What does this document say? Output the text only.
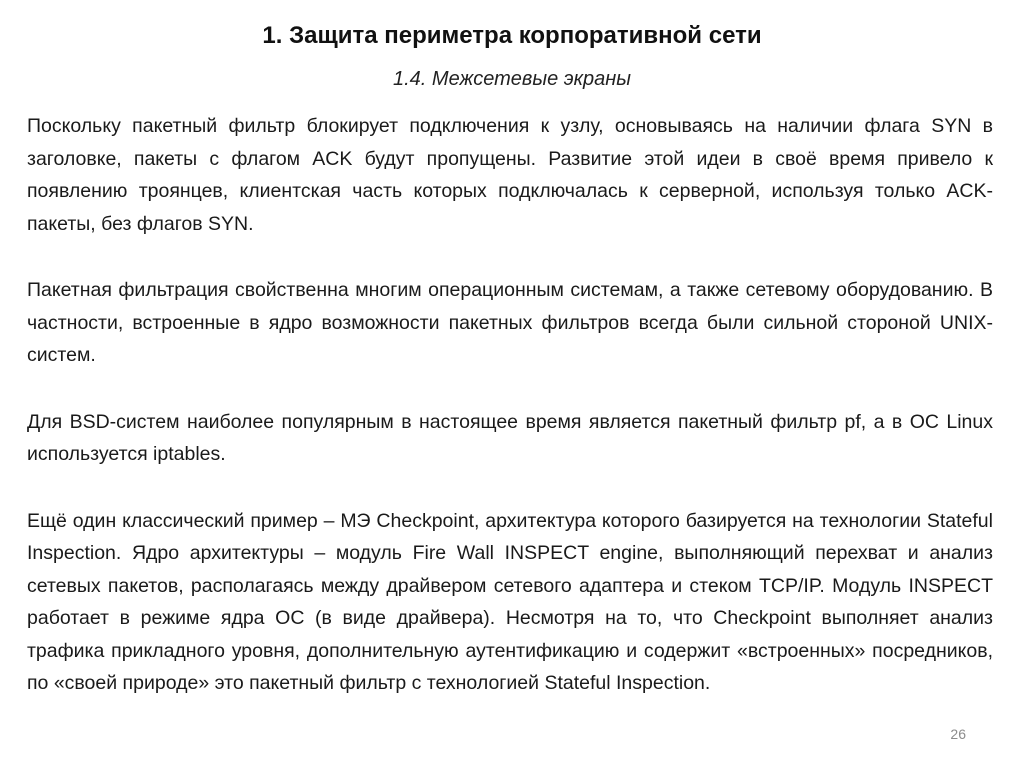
1. Защита периметра корпоративной сети
1.4. Межсетевые экраны

Поскольку пакетный фильтр блокирует подключения к узлу, основываясь на наличии флага SYN в заголовке, пакеты с флагом ACK будут пропущены. Развитие этой идеи в своё время привело к появлению троянцев, клиентская часть которых подключалась к серверной, используя только ACK-пакеты, без флагов SYN.

Пакетная фильтрация свойственна многим операционным системам, а также сетевому оборудованию. В частности, встроенные в ядро возможности пакетных фильтров всегда были сильной стороной UNIX-систем.

Для BSD-систем наиболее популярным в настоящее время является пакетный фильтр pf, а в ОС Linux используется iptables.

Ещё один классический пример – МЭ Checkpoint, архитектура которого базируется на технологии Stateful Inspection. Ядро архитектуры – модуль Fire Wall INSPECT engine, выполняющий перехват и анализ сетевых пакетов, располагаясь между драйвером сетевого адаптера и стеком TCP/IP. Модуль INSPECT работает в режиме ядра ОС (в виде драйвера). Несмотря на то, что Checkpoint выполняет анализ трафика прикладного уровня, дополнительную аутентификацию и содержит «встроенных» посредников, по «своей природе» это пакетный фильтр с технологией Stateful Inspection.

26
